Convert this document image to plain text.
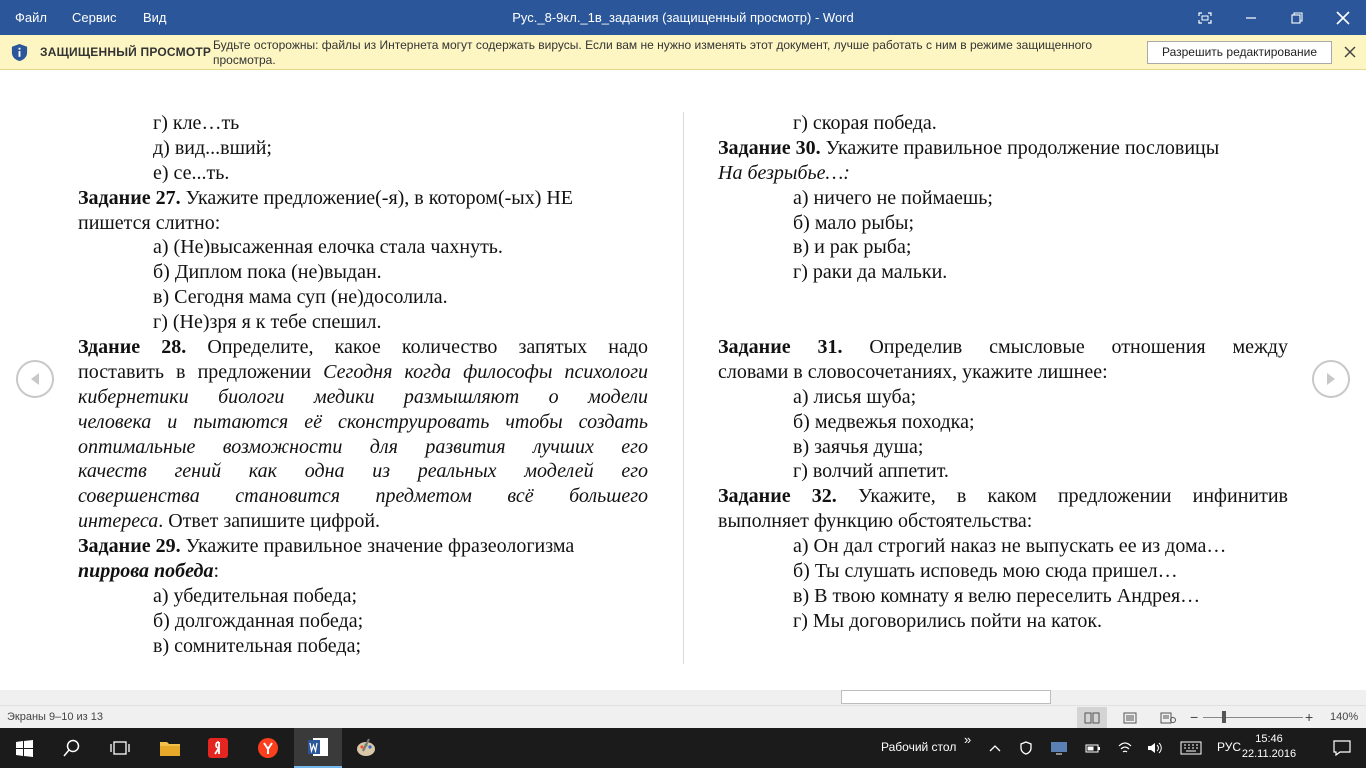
Файл Сервис Вид	Рус._8-9кл._1в_задания (защищенный просмотр) - Word
ЗАЩИЩЕННЫЙ ПРОСМОТР Будьте осторожны: файлы из Интернета могут содержать вирусы. Если вам не нужно изменять этот документ, лучше работать с ним в режиме защищенного просмотра.
Разрешить редактирование
г) кле…ть
д) вид...вший;
е) се...ть.
Задание 27. Укажите предложение(-я), в котором(-ых) НЕ
пишется слитно:
а) (Не)высаженная елочка стала чахнуть.
б) Диплом пока (не)выдан.
в) Сегодня мама суп (не)досолила.
г) (Не)зря я к тебе спешил.
Здание 28. Определите, какое количество запятых надо
поставить в предложении Сегодня когда философы психологи
кибернетики биологи медики размышляют о модели
человека и пытаются её сконструировать чтобы создать
оптимальные возможности для развития лучших его
качеств гений как одна из реальных моделей его
совершенства становится предметом всё большего
интереса. Ответ запишите цифрой.
Задание 29. Укажите правильное значение фразеологизма
пиррова победа:
а) убедительная победа;
б) долгожданная победа;
в) сомнительная победа;
г) скорая победа.
Задание 30. Укажите правильное продолжение пословицы
На безрыбье…:
а) ничего не поймаешь;
б) мало рыбы;
в) и рак рыба;
г) раки да мальки.
Задание 31. Определив смысловые отношения между
словами в словосочетаниях, укажите лишнее:
а) лисья шуба;
б) медвежья походка;
в) заячья душа;
г) волчий аппетит.
Задание 32. Укажите, в каком предложении инфинитив
выполняет функцию обстоятельства:
а) Он дал строгий наказ не выпускать ее из дома…
б) Ты слушать исповедь мою сюда пришел…
в) В твою комнату я велю переселить Андрея…
г) Мы договорились пойти на каток.
Экраны 9–10 из 13	−	+ 140%
Рабочий стол »	РУС
15:46
22.11.2016
